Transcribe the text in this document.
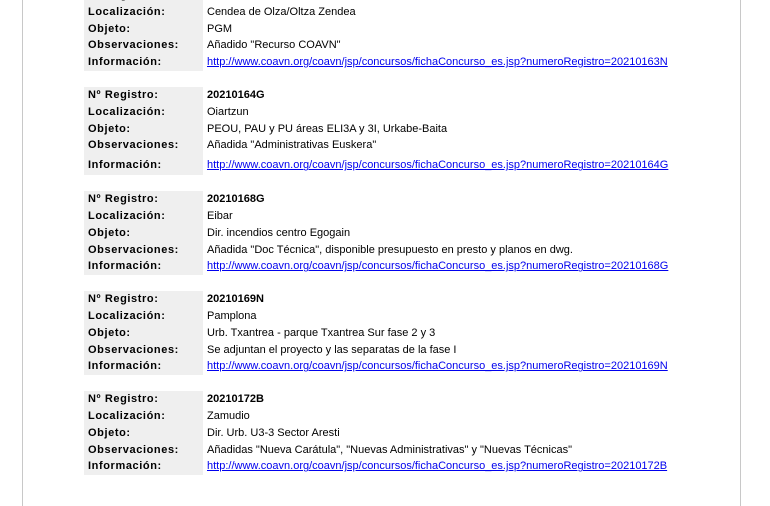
Localización:	Cendea de Olza/Oltza Zendea
Objeto:	PGM
Observaciones:	Añadido "Recurso COAVN"
Información:	http://www.coavn.org/coavn/jsp/concursos/fichaConcurso_es.jsp?numeroRegistro=20210163N
Nº Registro:	20210164G
Localización:	Oiartzun
Objeto:	PEOU, PAU y PU áreas ELI3A y 3I, Urkabe-Baita
Observaciones:	Añadida "Administrativas Euskera"
Información:	http://www.coavn.org/coavn/jsp/concursos/fichaConcurso_es.jsp?numeroRegistro=20210164G
Nº Registro:	20210168G
Localización:	Eibar
Objeto:	Dir. incendios centro Egogain
Observaciones:	Añadida "Doc Técnica", disponible presupuesto en presto y planos en dwg.
Información:	http://www.coavn.org/coavn/jsp/concursos/fichaConcurso_es.jsp?numeroRegistro=20210168G
Nº Registro:	20210169N
Localización:	Pamplona
Objeto:	Urb. Txantrea - parque Txantrea Sur fase 2 y 3
Observaciones:	Se adjuntan el proyecto y las separatas de la fase I
Información:	http://www.coavn.org/coavn/jsp/concursos/fichaConcurso_es.jsp?numeroRegistro=20210169N
Nº Registro:	20210172B
Localización:	Zamudio
Objeto:	Dir. Urb. U3-3 Sector Aresti
Observaciones:	Añadidas "Nueva Carátula", "Nuevas Administrativas" y "Nuevas Técnicas"
Información:	http://www.coavn.org/coavn/jsp/concursos/fichaConcurso_es.jsp?numeroRegistro=20210172B
